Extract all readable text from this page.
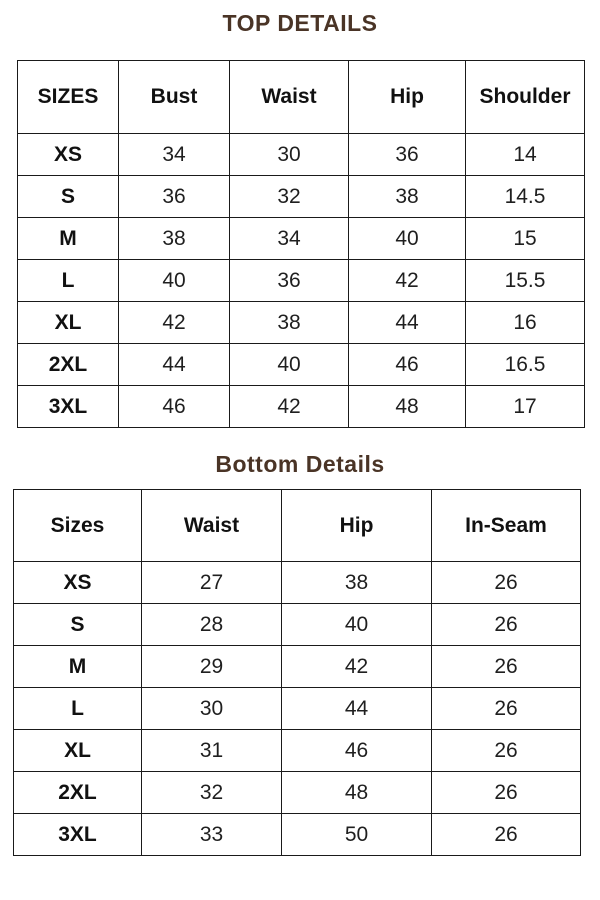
TOP DETAILS
SIZES	Bust	Waist	Hip	Shoulder
XS	34	30	36	14
S	36	32	38	14.5
M	38	34	40	15
L	40	36	42	15.5
XL	42	38	44	16
2XL	44	40	46	16.5
3XL	46	42	48	17
Bottom Details
Sizes	Waist	Hip	In-Seam
XS	27	38	26
S	28	40	26
M	29	42	26
L	30	44	26
XL	31	46	26
2XL	32	48	26
3XL	33	50	26
